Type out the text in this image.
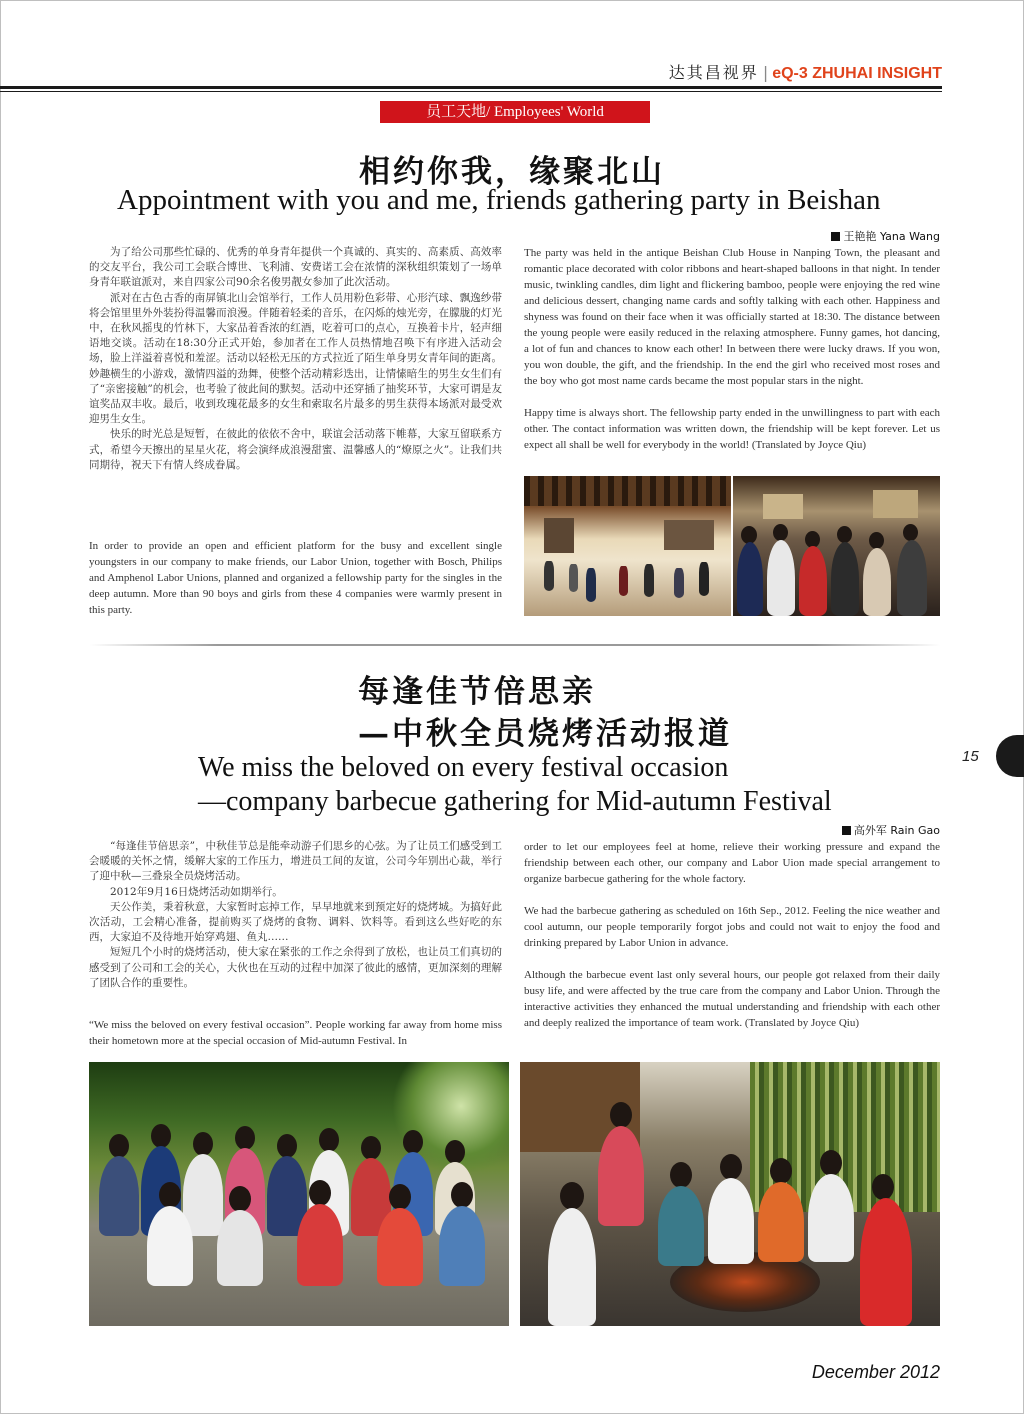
达其昌视界 | eQ-3 ZHUHAI INSIGHT
员工天地/ Employees' World
相约你我，缘聚北山
Appointment with you and me, friends gathering party in Beishan
王艳艳 Yana Wang

为了给公司那些忙碌的、优秀的单身青年提供一个真诚的、真实的、高素质、高效率的交友平台，我公司工会联合博世、飞利浦、安费诺工会在浓情的深秋组织策划了一场单身青年联谊派对，来自四家公司90余名俊男靓女参加了此次活动。

派对在古色古香的南屏镇北山会馆举行，工作人员用粉色彩带、心形汽球、飘逸纱带将会馆里里外外装扮得温馨而浪漫。伴随着轻柔的音乐，在闪烁的烛光旁，在朦胧的灯光中，在秋风摇曳的竹林下，大家品着香浓的红酒，吃着可口的点心，互换着卡片，轻声细语地交谈。活动在18:30分正式开始，参加者在工作人员热情地召唤下有序进入活动会场，脸上洋溢着喜悦和羞涩。活动以轻松无压的方式拉近了陌生单身男女青年间的距离。妙趣横生的小游戏，激情四溢的劲舞，使整个活动精彩迭出，让情愫暗生的男生女生们有了“亲密接触”的机会，也考验了彼此间的默契。活动中还穿插了抽奖环节，大家可谓是友谊奖品双丰收。最后，收到玫瑰花最多的女生和索取名片最多的男生获得本场派对最受欢迎男生女生。

快乐的时光总是短暂，在彼此的依依不舍中，联谊会活动落下帷幕，大家互留联系方式，希望今天擦出的星星火花，将会演绎成浪漫甜蜜、温馨感人的“燎原之火”。让我们共同期待，祝天下有情人终成眷属。

In order to provide an open and efficient platform for the busy and excellent single youngsters in our company to make friends, our Labor Union, together with Bosch, Philips and Amphenol Labor Unions, planned and organized a fellowship party for the singles in the deep autumn. More than 90 boys and girls from these 4 companies were warmly present in this party.

The party was held in the antique Beishan Club House in Nanping Town, the pleasant and romantic place decorated with color ribbons and heart-shaped balloons in that night. In tender music, twinkling candles, dim light and flickering bamboo, people were enjoying the red wine and delicious dessert, changing name cards and softly talking with each other. Happiness and shyness was found on their face when it was officially started at 18:30. The distance between the young people were easily reduced in the relaxing atmosphere. Funny games, hot dancing, a lot of fun and chances to know each other! In between there were lucky draws. If you won, you won double, the gift, and the friendship. In the end the girl who received most roses and the boy who got most name cards became the most popular stars in the night.

Happy time is always short. The fellowship party ended in the unwillingness to part with each other. The contact information was written down, the friendship will be kept forever. Let us expect all shall be well for everybody in the world! (Translated by Joyce Qiu)

每逢佳节倍思亲
—中秋全员烧烤活动报道
We miss the beloved on every festival occasion
—company barbecue gathering for Mid-autumn Festival
高外军 Rain Gao

“每逢佳节倍思亲”，中秋佳节总是能牵动游子们思乡的心弦。为了让员工们感受到工会暖暖的关怀之情，缓解大家的工作压力，增进员工间的友谊，公司今年别出心裁，举行了迎中秋—三叠泉全员烧烤活动。

2012年9月16日烧烤活动如期举行。

天公作美，秉着秋意，大家暂时忘掉工作，早早地就来到预定好的烧烤城。为搞好此次活动，工会精心准备，提前购买了烧烤的食物、调料、饮料等。看到这么些好吃的东西，大家迫不及待地开始穿鸡翅、鱼丸……

短短几个小时的烧烤活动，使大家在紧张的工作之余得到了放松，也让员工们真切的感受到了公司和工会的关心，大伙也在互动的过程中加深了彼此的感情，更加深刻的理解了团队合作的重要性。

“We miss the beloved on every festival occasion”. People working far away from home miss their hometown more at the special occasion of Mid-autumn Festival. In

order to let our employees feel at home, relieve their working pressure and expand the friendship between each other, our company and Labor Uion made special arrangement to organize barbecue gathering for the whole factory.

We had the barbecue gathering as scheduled on 16th Sep., 2012. Feeling the nice weather and cool autumn, our people temporarily forgot jobs and could not wait to enjoy the food and drinking prepared by Labor Union in advance.

Although the barbecue event last only several hours, our people got relaxed from their daily busy life, and were affected by the true care from the company and Labor Union. Through the interactive activities they enhanced the mutual understanding and friendship with each other and deeply realized the importance of team work. (Translated by Joyce Qiu)

15
December 2012
